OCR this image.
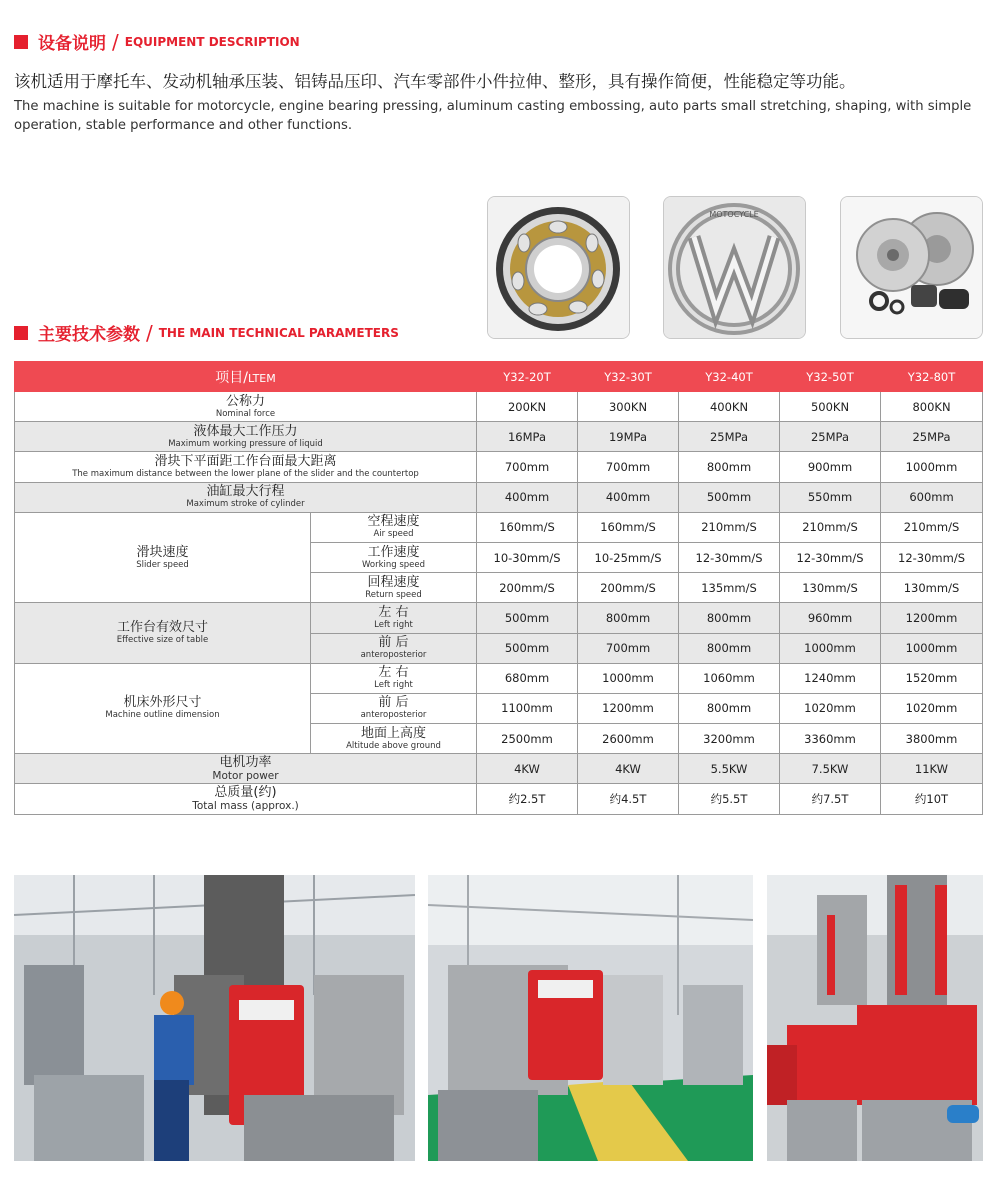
设备说明 / EQUIPMENT DESCRIPTION
该机适用于摩托车、发动机轴承压装、铝铸品压印、汽车零部件小件拉伸、整形，具有操作简便，性能稳定等功能。
The machine is suitable for motorcycle, engine bearing pressing, aluminum casting embossing, auto parts small stretching, shaping, with simple operation, stable performance and other functions.
MOTOCYCLE
主要技术参数 / THE MAIN TECHNICAL PARAMETERS
项目/LTEM		Y32-20T	Y32-30T	Y32-40T	Y32-50T	Y32-80T

公称力
Nominal force		200KN	300KN	400KN	500KN	800KN

液体最大工作压力
Maximum working pressure of liquid		16MPa	19MPa	25MPa	25MPa	25MPa

滑块下平面距工作台面最大距离
The maximum distance between the lower plane of the slider and the countertop		700mm	700mm	800mm	900mm	1000mm

油缸最大行程
Maximum stroke of cylinder		400mm	400mm	500mm	550mm	600mm

滑块速度
Slider speed	空程速度
Air speed	160mm/S	160mm/S	210mm/S	210mm/S	210mm/S

	工作速度
Working speed	10-30mm/S	10-25mm/S	12-30mm/S	12-30mm/S	12-30mm/S

	回程速度
Return speed	200mm/S	200mm/S	135mm/S	130mm/S	130mm/S

工作台有效尺寸
Effective size of table	左 右
Left right	500mm	800mm	800mm	960mm	1200mm

	前 后
anteroposterior	500mm	700mm	800mm	1000mm	1000mm

机床外形尺寸
Machine outline dimension	左 右
Left right	680mm	1000mm	1060mm	1240mm	1520mm

	前 后
anteroposterior	1100mm	1200mm	800mm	1020mm	1020mm

	地面上高度
Altitude above ground	2500mm	2600mm	3200mm	3360mm	3800mm

电机功率
Motor power		4KW	4KW	5.5KW	7.5KW	11KW

总质量(约)
Total mass (approx.)		约2.5T	约4.5T	约5.5T	约7.5T	约10T
